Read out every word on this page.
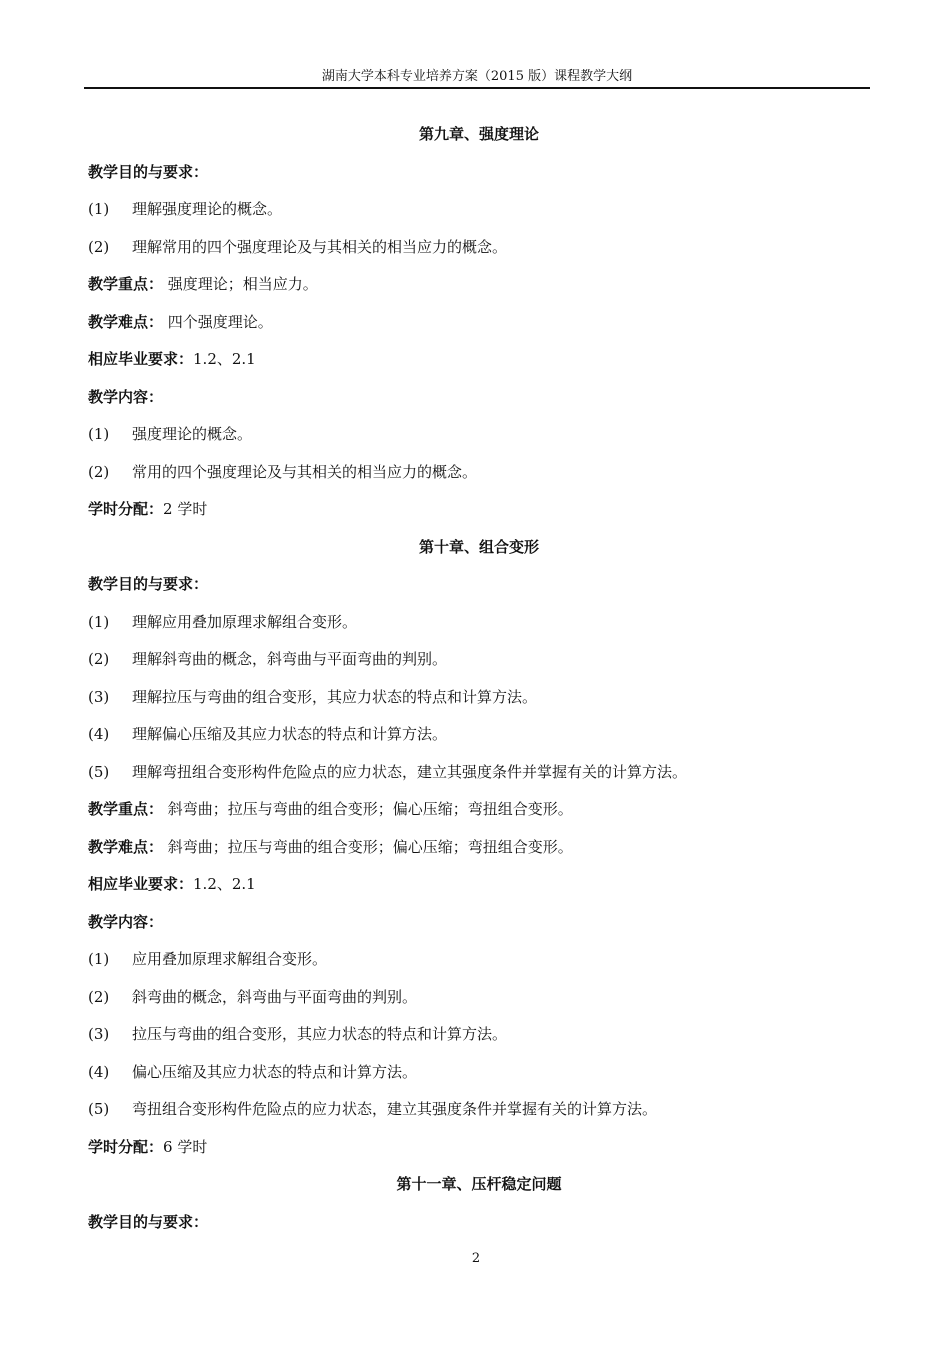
湖南大学本科专业培养方案（2015 版）课程教学大纲
第九章、强度理论
教学目的与要求：
(1) 理解强度理论的概念。
(2) 理解常用的四个强度理论及与其相关的相当应力的概念。
教学重点： 强度理论；相当应力。
教学难点： 四个强度理论。
相应毕业要求：1.2、2.1
教学内容：
(1) 强度理论的概念。
(2) 常用的四个强度理论及与其相关的相当应力的概念。
学时分配：2 学时
第十章、组合变形
教学目的与要求：
(1) 理解应用叠加原理求解组合变形。
(2) 理解斜弯曲的概念，斜弯曲与平面弯曲的判别。
(3) 理解拉压与弯曲的组合变形，其应力状态的特点和计算方法。
(4) 理解偏心压缩及其应力状态的特点和计算方法。
(5) 理解弯扭组合变形构件危险点的应力状态，建立其强度条件并掌握有关的计算方法。
教学重点： 斜弯曲；拉压与弯曲的组合变形；偏心压缩；弯扭组合变形。
教学难点： 斜弯曲；拉压与弯曲的组合变形；偏心压缩；弯扭组合变形。
相应毕业要求：1.2、2.1
教学内容：
(1) 应用叠加原理求解组合变形。
(2) 斜弯曲的概念，斜弯曲与平面弯曲的判别。
(3) 拉压与弯曲的组合变形，其应力状态的特点和计算方法。
(4) 偏心压缩及其应力状态的特点和计算方法。
(5) 弯扭组合变形构件危险点的应力状态，建立其强度条件并掌握有关的计算方法。
学时分配：6 学时
第十一章、压杆稳定问题
教学目的与要求：
2
